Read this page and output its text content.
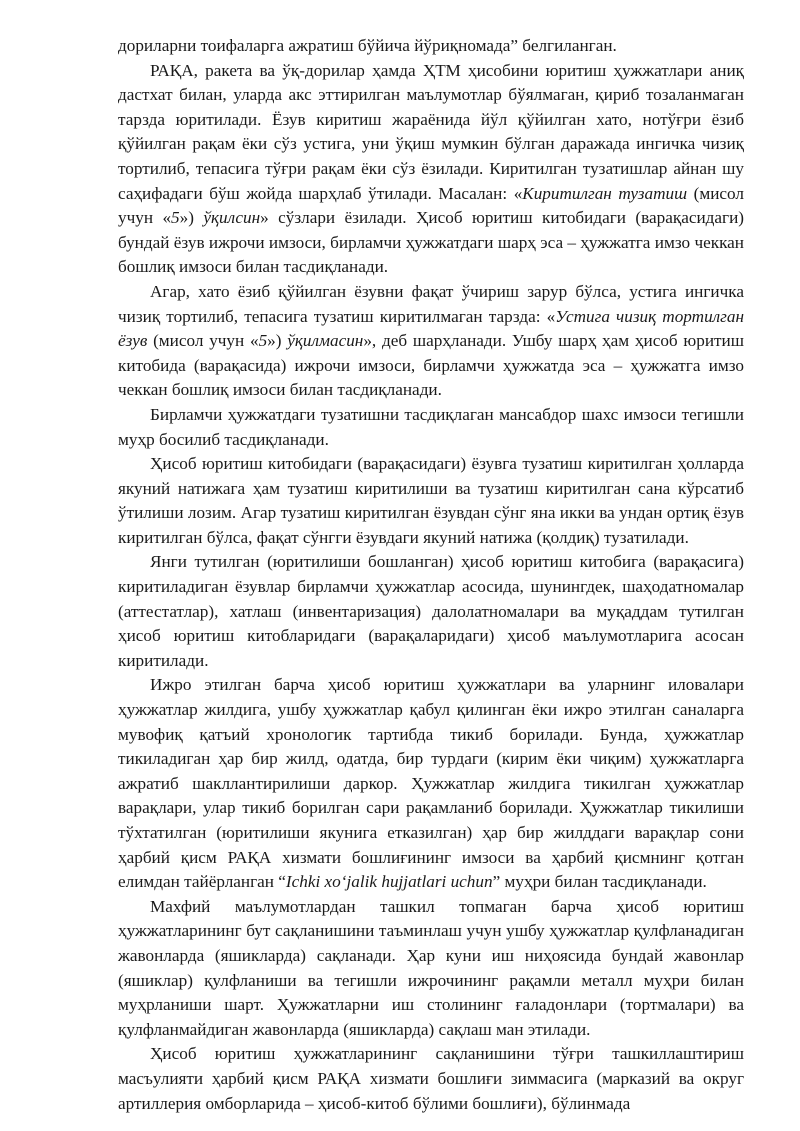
дориларни тоифаларга ажратиш бўйича йўриқномада” белгиланган.

РАҚА, ракета ва ўқ-дорилар ҳамда ҲТМ ҳисобини юритиш ҳужжатлари аниқ дастхат билан, уларда акс эттирилган маълумотлар бўялмаган, қириб тозаланмаган тарзда юритилади. Ёзув киритиш жараёнида йўл қўйилган хато, нотўғри ёзиб қўйилган рақам ёки сўз устига, уни ўқиш мумкин бўлган даражада ингичка чизиқ тортилиб, тепасига тўғри рақам ёки сўз ёзилади. Киритилган тузатишлар айнан шу саҳифадаги бўш жойда шарҳлаб ўтилади. Масалан: «Киритилган тузатиш (мисол учун «5») ўқилсин» сўзлари ёзилади. Ҳисоб юритиш китобидаги (варақасидаги) бундай ёзув ижрочи имзоси, бирламчи ҳужжатдаги шарҳ эса – ҳужжатга имзо чеккан бошлиқ имзоси билан тасдиқланади.

Агар, хато ёзиб қўйилган ёзувни фақат ўчириш зарур бўлса, устига ингичка чизиқ тортилиб, тепасига тузатиш киритилмаган тарзда: «Устига чизиқ тортилган ёзув (мисол учун «5») ўқилмасин», деб шарҳланади. Ушбу шарҳ ҳам ҳисоб юритиш китобида (варақасида) ижрочи имзоси, бирламчи ҳужжатда эса – ҳужжатга имзо чеккан бошлиқ имзоси билан тасдиқланади.

Бирламчи ҳужжатдаги тузатишни тасдиқлаган мансабдор шахс имзоси тегишли муҳр босилиб тасдиқланади.

Ҳисоб юритиш китобидаги (варақасидаги) ёзувга тузатиш киритилган ҳолларда якуний натижага ҳам тузатиш киритилиши ва тузатиш киритилган сана кўрсатиб ўтилиши лозим. Агар тузатиш киритилган ёзувдан сўнг яна икки ва ундан ортиқ ёзув киритилган бўлса, фақат сўнгги ёзувдаги якуний натижа (қолдиқ) тузатилади.

Янги тутилган (юритилиши бошланган) ҳисоб юритиш китобига (варақасига) киритиладиган ёзувлар бирламчи ҳужжатлар асосида, шунингдек, шаҳодатномалар (аттестатлар), хатлаш (инвентаризация) далолатномалари ва муқаддам тутилган ҳисоб юритиш китобларидаги (варақаларидаги) ҳисоб маълумотларига асосан киритилади.

Ижро этилган барча ҳисоб юритиш ҳужжатлари ва уларнинг иловалари ҳужжатлар жилдига, ушбу ҳужжатлар қабул қилинган ёки ижро этилган саналарга мувофиқ қатъий хронологик тартибда тикиб борилади. Бунда, ҳужжатлар тикиладиган ҳар бир жилд, одатда, бир турдаги (кирим ёки чиқим) ҳужжатларга ажратиб шакллантирилиши даркор. Ҳужжатлар жилдига тикилган ҳужжатлар варақлари, улар тикиб борилган сари рақамланиб борилади. Ҳужжатлар тикилиши тўхтатилган (юритилиши якунига етказилган) ҳар бир жилддаги варақлар сони ҳарбий қисм РАҚА хизмати бошлиғининг имзоси ва ҳарбий қисмнинг қотган елимдан тайёрланган “Ichki xo‘jalik hujjatlari uchun” муҳри билан тасдиқланади.

Махфий маълумотлардан ташкил топмаган барча ҳисоб юритиш ҳужжатларининг бут сақланишини таъминлаш учун ушбу ҳужжатлар қулфланадиган жавонларда (яшикларда) сақланади. Ҳар куни иш ниҳоясида бундай жавонлар (яшиклар) қулфланиши ва тегишли ижрочининг рақамли металл муҳри билан муҳрланиши шарт. Ҳужжатларни иш столининг ғаладонлари (тортмалари) ва қулфланмайдиган жавонларда (яшикларда) сақлаш ман этилади.

Ҳисоб юритиш ҳужжатларининг сақланишини тўғри ташкиллаштириш масъулияти ҳарбий қисм РАҚА хизмати бошлиғи зиммасига (марказий ва округ артиллерия омборларида – ҳисоб-китоб бўлими бошлиғи), бўлинмада
